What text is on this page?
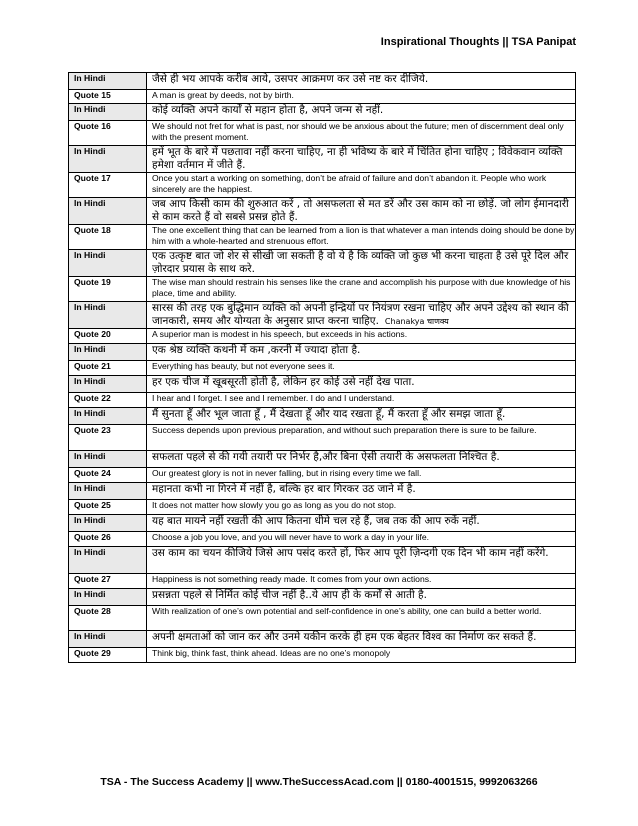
Inspirational Thoughts || TSA Panipat
In Hindi	जैसे ही भय आपके करीब आये, उसपर आक्रमण कर उसे नष्ट कर दीजिये.
Quote 15	A man is great by deeds, not by birth.
In Hindi	कोई व्यक्ति अपने कार्यों से महान होता है, अपने जन्म से नहीं.
Quote 16	We should not fret for what is past, nor should we be anxious about the future; men of discernment deal only with the present moment.
In Hindi	हमें भूत के बारे में पछतावा नहीं करना चाहिए, ना ही भविष्य के बारे में चिंतित होना चाहिए ; विवेकवान व्यक्ति हमेशा वर्तमान में जीते हैं.
Quote 17	Once you start a working on something, don’t be afraid of failure and don’t abandon it. People who work sincerely are the happiest.
In Hindi	जब आप किसी काम की शुरुआत करें , तो असफलता से मत डरें और उस काम को ना छोड़ें. जो लोग ईमानदारी से काम करते हैं वो सबसे प्रसन्न होते हैं.
Quote 18	The one excellent thing that can be learned from a lion is that whatever a man intends doing should be done by him with a whole-hearted and strenuous effort.
In Hindi	एक उत्कृष्ट बात जो शेर से सीखी जा सकती है वो ये है कि व्यक्ति जो कुछ भी करना चाहता है उसे पूरे दिल और ज़ोरदार प्रयास के साथ करे.
Quote 19	The wise man should restrain his senses like the crane and accomplish his purpose with due knowledge of his place, time and ability.
In Hindi	सारस की तरह एक बुद्धिमान व्यक्ति को अपनी इन्द्रियों पर नियंत्रण रखना चाहिए और अपने उद्देश्य को स्थान की जानकारी, समय और योग्यता के अनुसार प्राप्त करना चाहिए. Chanakya चाणक्य
Quote 20	A superior man is modest in his speech, but exceeds in his actions.
In Hindi	एक श्रेष्ठ व्यक्ति कथनी में कम ,करनी में ज्यादा होता है.
Quote 21	Everything has beauty, but not everyone sees it.
In Hindi	हर एक चीज में खूबसूरती होती है, लेकिन हर कोई उसे नहीं देख पाता.
Quote 22	I hear and I forget. I see and I remember. I do and I understand.
In Hindi	मैं सुनता हूँ और भूल जाता हूँ , मैं देखता हूँ और याद रखता हूँ, मैं करता हूँ और समझ जाता हूँ.
Quote 23	Success depends upon previous preparation, and without such preparation there is sure to be failure.
In Hindi	सफलता पहले से की गयी तयारी पर निर्भर है,और बिना ऐसी तयारी के असफलता निश्चित है.
Quote 24	Our greatest glory is not in never falling, but in rising every time we fall.
In Hindi	महानता कभी ना गिरने में नहीं है, बल्कि हर बार गिरकर उठ जाने में है.
Quote 25	It does not matter how slowly you go as long as you do not stop.
In Hindi	यह बात मायने नहीं रखती की आप कितना धीमे चल रहे हैं, जब तक की आप रुकें नहीं.
Quote 26	Choose a job you love, and you will never have to work a day in your life.
In Hindi	उस काम का चयन कीजिये जिसे आप पसंद करते हों, फिर आप पूरी ज़िन्दगी एक दिन भी काम नहीं करेंगे.
Quote 27	Happiness is not something ready made. It comes from your own actions.
In Hindi	प्रसन्नता पहले से निर्मित कोई चीज नहीं है..ये आप ही के कर्मों से आती है.
Quote 28	With realization of one’s own potential and self-confidence in one’s ability, one can build a better world.
In Hindi	अपनी क्षमताओं को जान कर और उनमे यकीन करके ही हम एक बेहतर विश्व का निर्माण कर सकते हैं.
Quote 29	Think big, think fast, think ahead. Ideas are no one’s monopoly
TSA - The Success Academy || www.TheSuccessAcad.com || 0180-4001515, 9992063266
